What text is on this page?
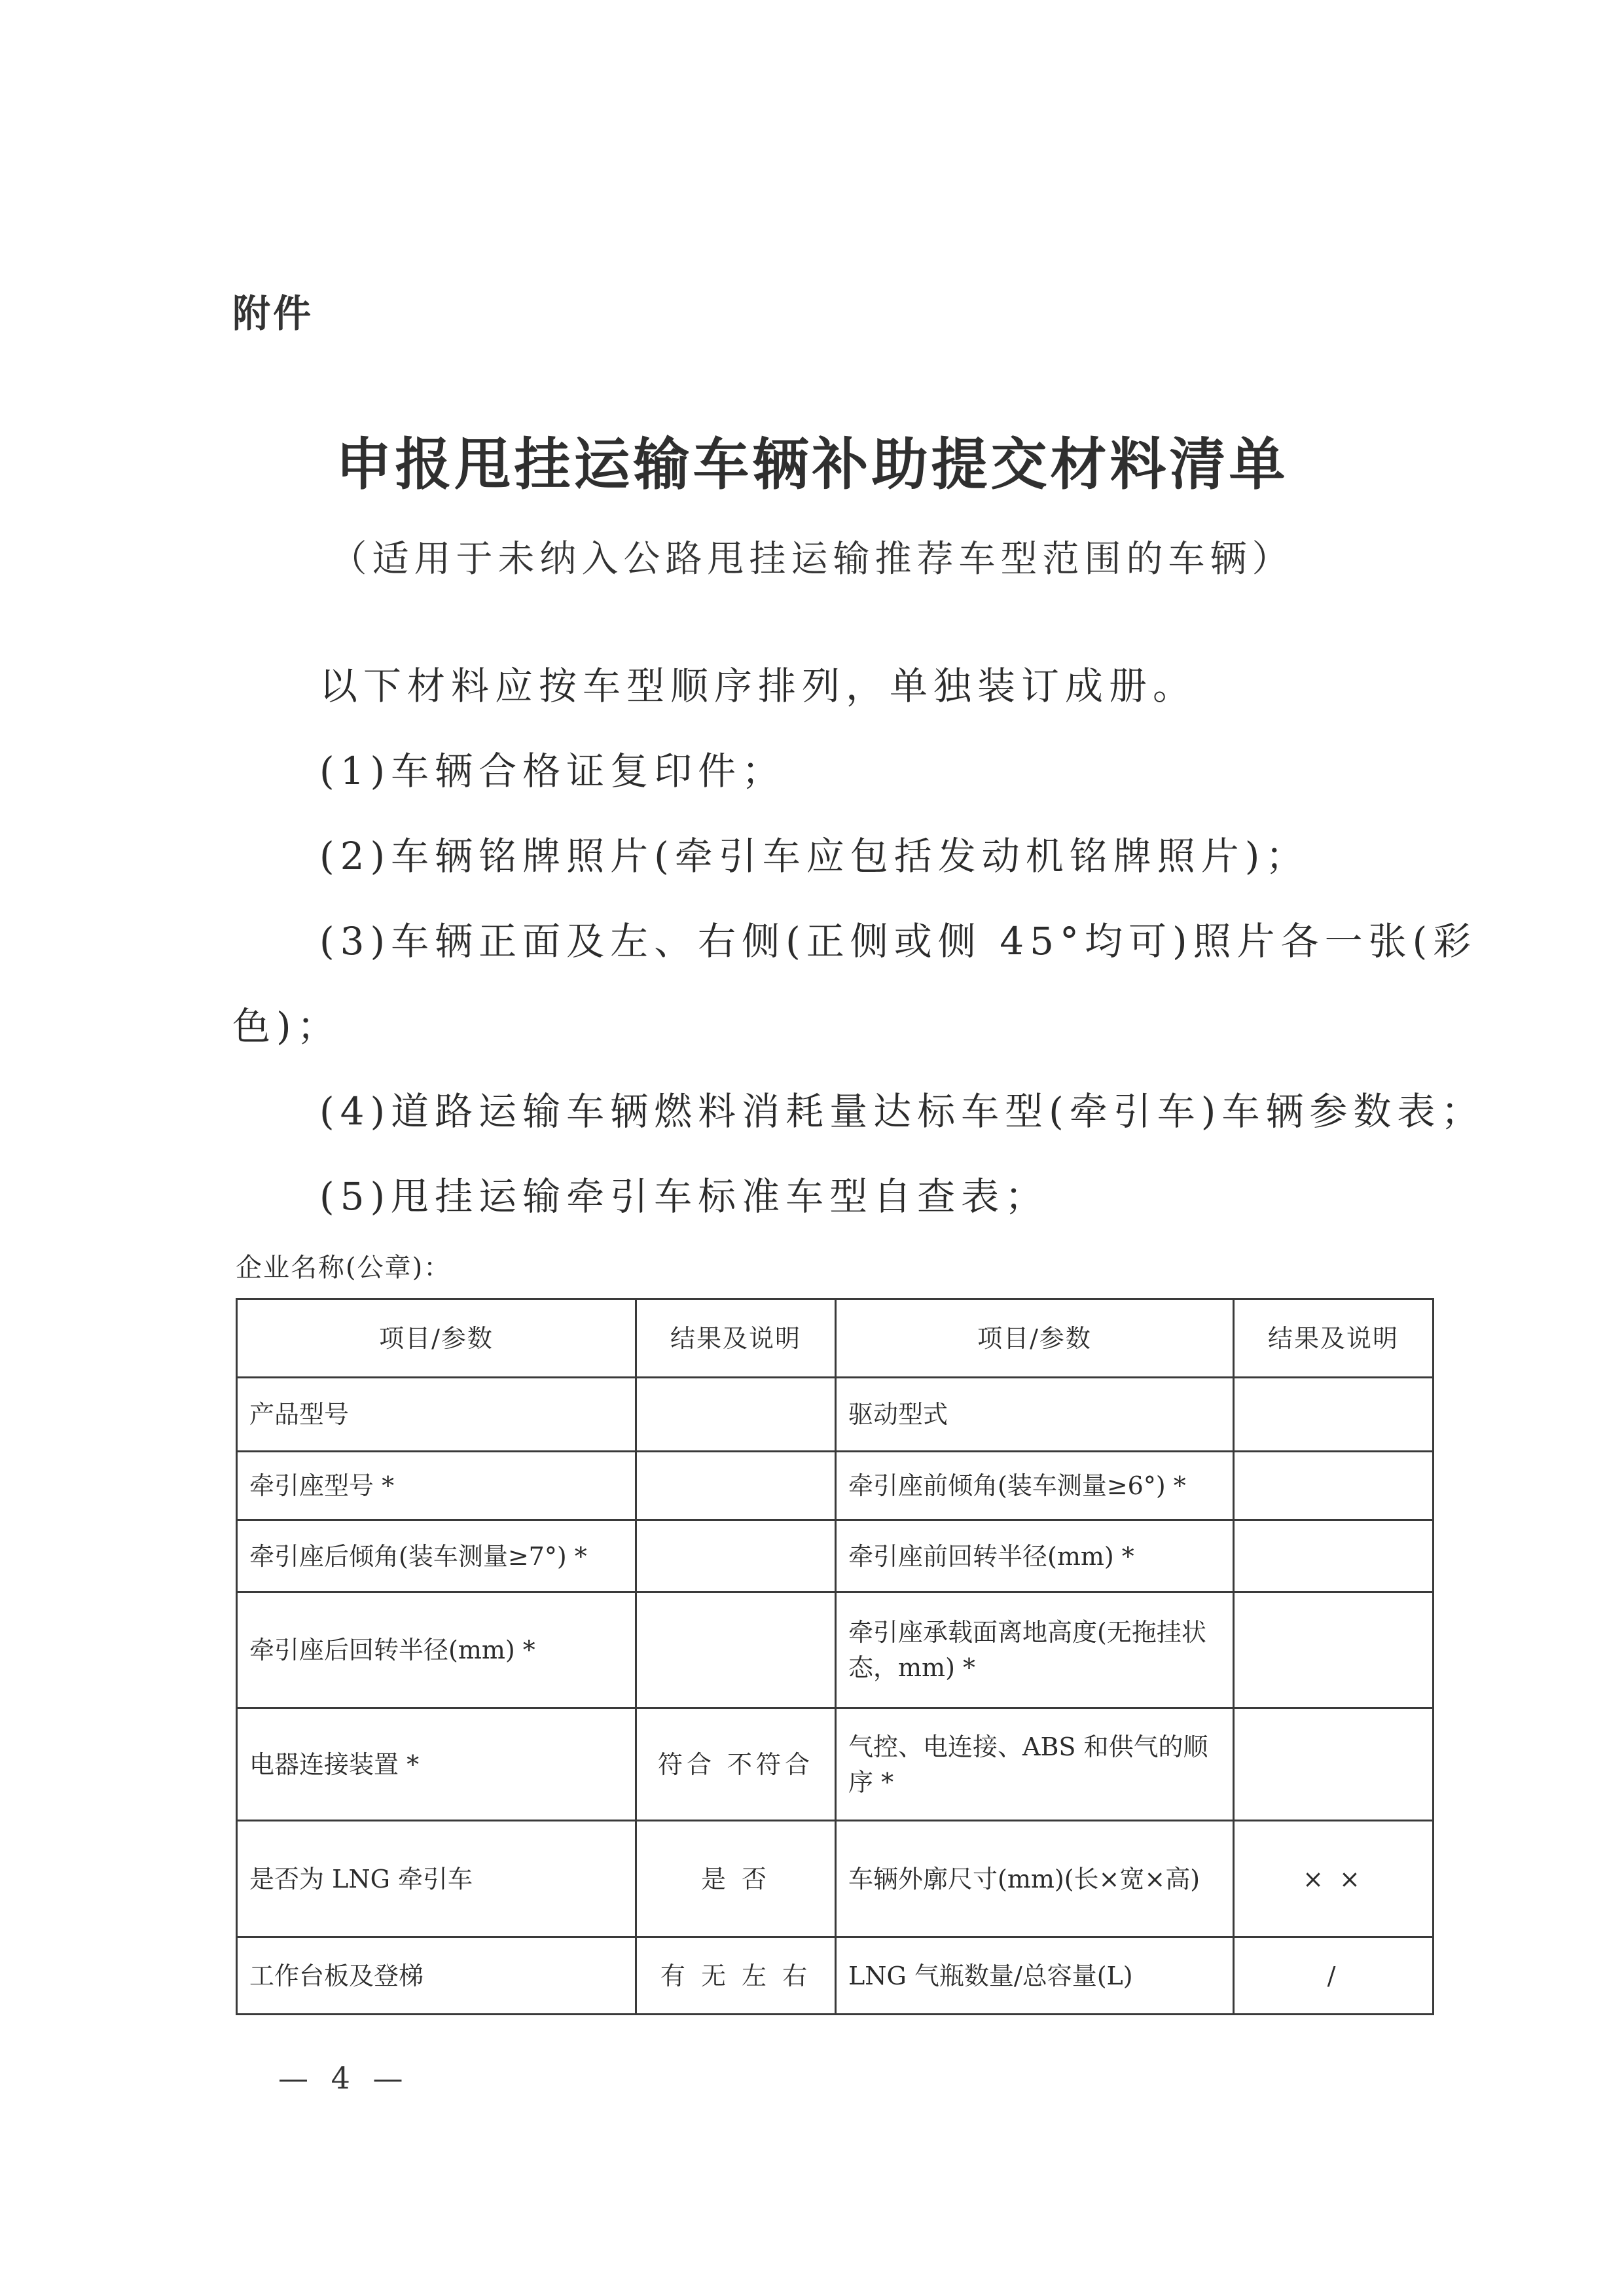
附件
申报甩挂运输车辆补助提交材料清单
（适用于未纳入公路甩挂运输推荐车型范围的车辆）
以下材料应按车型顺序排列，单独装订成册。
(1)车辆合格证复印件；
(2)车辆铭牌照片(牵引车应包括发动机铭牌照片)；
(3)车辆正面及左、右侧(正侧或侧 45°均可)照片各一张(彩
色)；
(4)道路运输车辆燃料消耗量达标车型(牵引车)车辆参数表；
(5)甩挂运输牵引车标准车型自查表；
企业名称(公章)：
项目/参数	结果及说明	项目/参数	结果及说明
产品型号		驱动型式	
牵引座型号 *		牵引座前倾角(装车测量≥6°) *	
牵引座后倾角(装车测量≥7°) *		牵引座前回转半径(mm) *	
牵引座后回转半径(mm) *		牵引座承载面离地高度(无拖挂状态，mm) *	
电器连接装置 *	符合 不符合	气控、电连接、ABS 和供气的顺序 *	
是否为 LNG 牵引车	是 否	车辆外廓尺寸(mm)(长×宽×高)	× ×
工作台板及登梯	有 无 左 右	LNG 气瓶数量/总容量(L)	/
— 4 —
